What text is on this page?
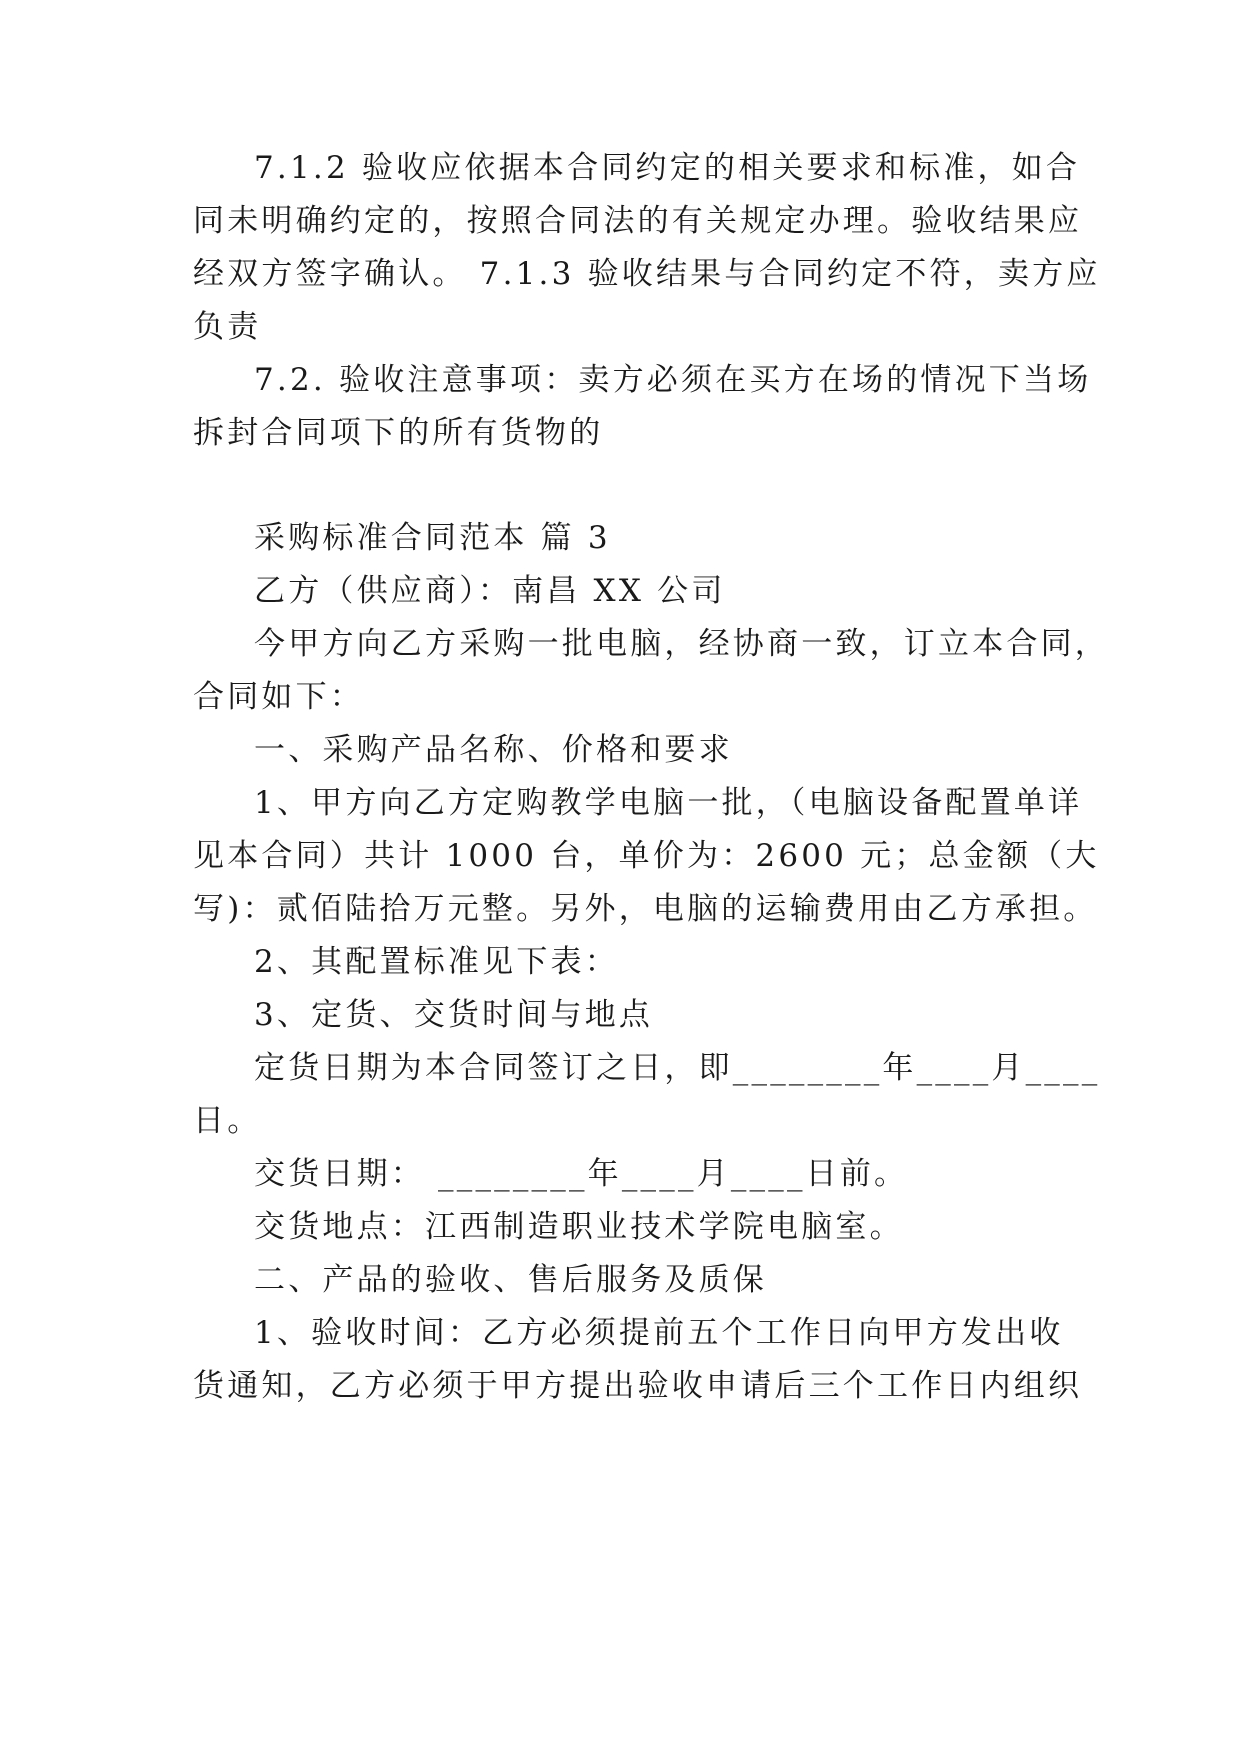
7.1.2 验收应依据本合同约定的相关要求和标准，如合
同未明确约定的，按照合同法的有关规定办理。验收结果应
经双方签字确认。 7.1.3 验收结果与合同约定不符，卖方应
负责
7.2. 验收注意事项：卖方必须在买方在场的情况下当场
拆封合同项下的所有货物的
采购标准合同范本 篇 3
乙方（供应商）：南昌 XX 公司
今甲方向乙方采购一批电脑，经协商一致，订立本合同，
合同如下：
一、采购产品名称、价格和要求
1、甲方向乙方定购教学电脑一批，（电脑设备配置单详
见本合同）共计 1000 台，单价为：2600 元；总金额（大
写)：贰佰陆拾万元整。另外，电脑的运输费用由乙方承担。
2、其配置标准见下表：
3、定货、交货时间与地点
定货日期为本合同签订之日，即________年____月____
日。
交货日期： ________年____月____日前。
交货地点：江西制造职业技术学院电脑室。
二、产品的验收、售后服务及质保
1、验收时间：乙方必须提前五个工作日向甲方发出收
货通知，乙方必须于甲方提出验收申请后三个工作日内组织
